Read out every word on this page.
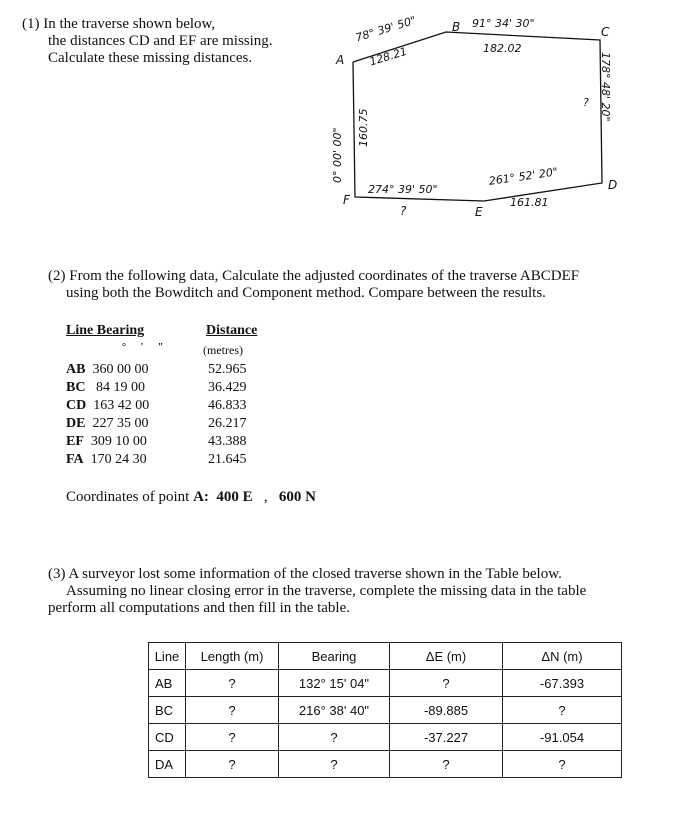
(1) In the traverse shown below,
the distances CD and EF are missing.
Calculate these missing distances.	A
B	C
D
E
F
78° 39' 50"
128.21
91° 34' 30"
182.02
178° 48' 20"
?
261° 52' 20"
161.81
274° 39' 50"
?
0° 00' 00" 160.75
(2) From the following data, Calculate the adjusted coordinates of the traverse ABCDEF
using both the Bowditch and Component method. Compare between the results.
Line Bearing	Distance
° ' "	(metres)
AB 360 00 00	52.965
BC 84 19 00	36.429
CD 163 42 00	46.833
DE 227 35 00	26.217
EF 309 10 00	43.388
FA 170 24 30	21.645
Coordinates of point A: 400 E , 600 N
(3) A surveyor lost some information of the closed traverse shown in the Table below.
Assuming no linear closing error in the traverse, complete the missing data in the table
perform all computations and then fill in the table.
Line	Length (m)	Bearing	ΔE (m)	ΔN (m)
AB	?	132° 15' 04"	?	-67.393
BC	?	216° 38' 40"	-89.885	?
CD	?	?	-37.227	-91.054
DA	?	?	?	?
